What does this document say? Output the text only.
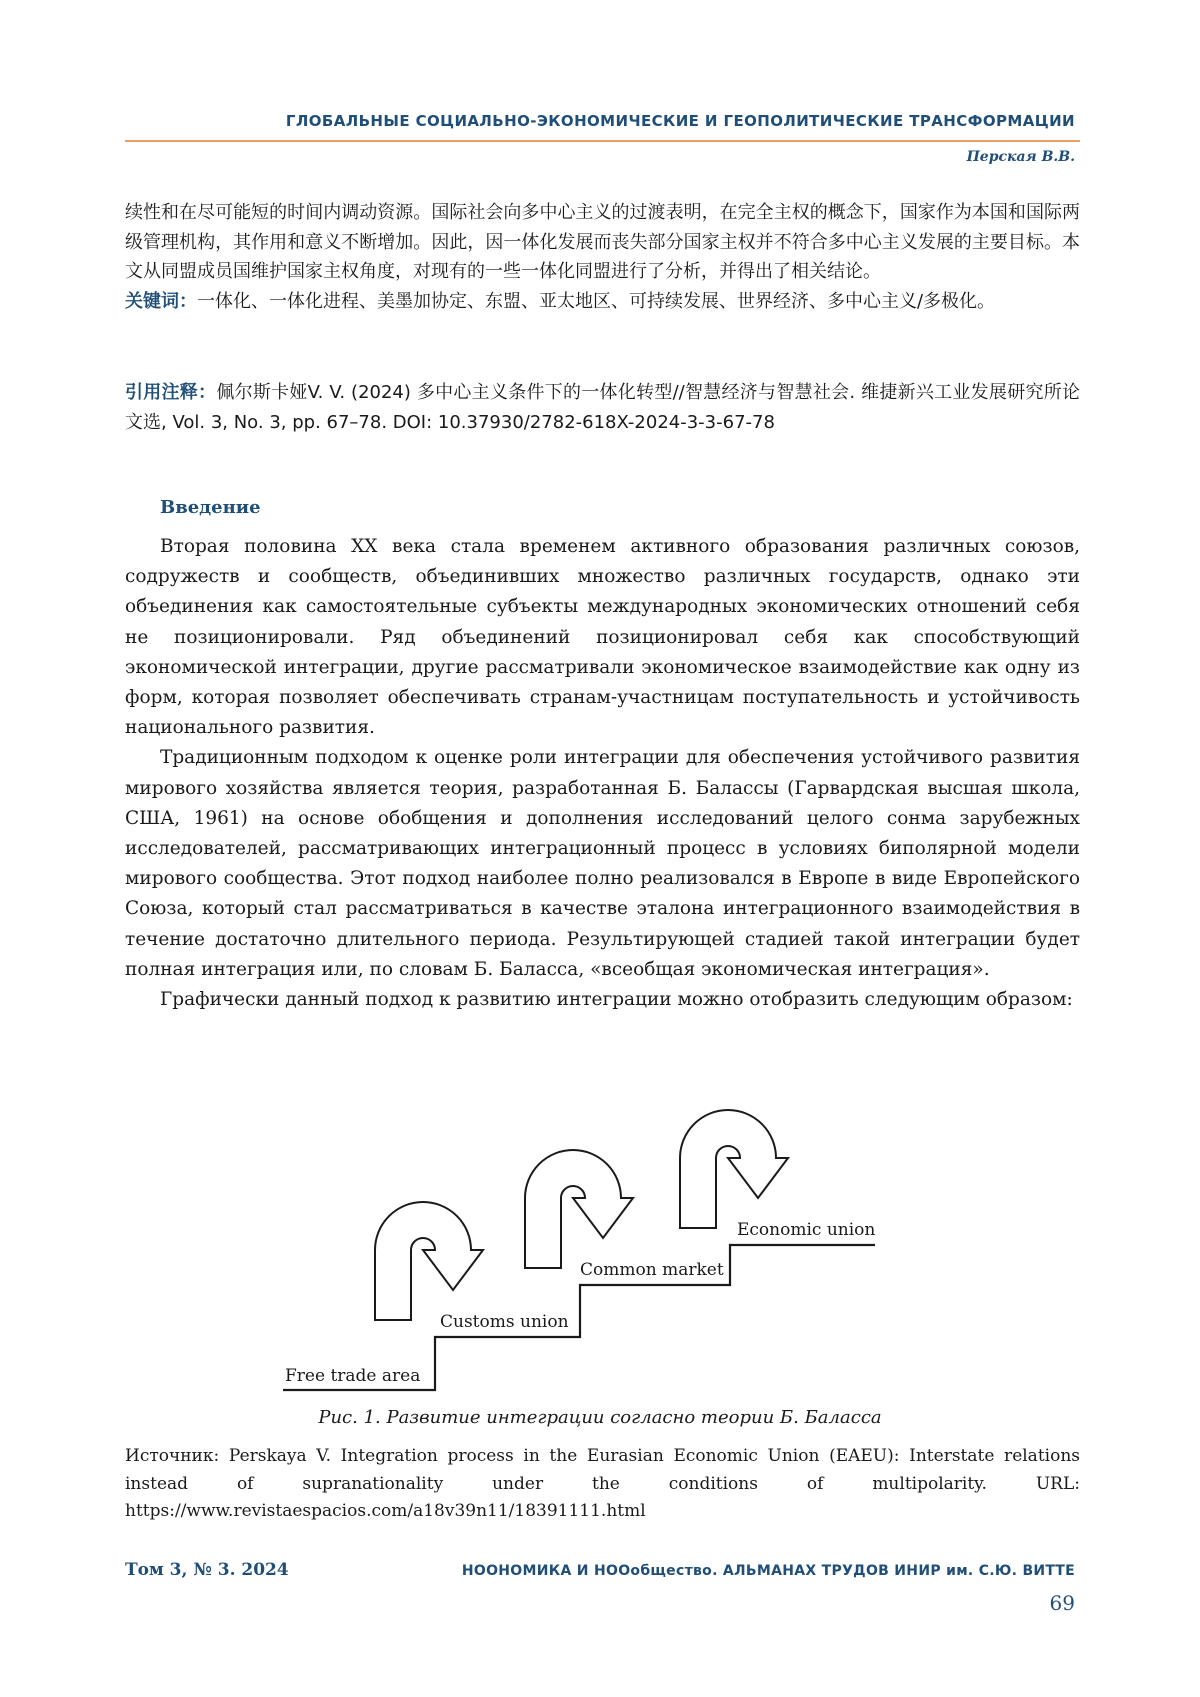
ГЛОБАЛЬНЫЕ СОЦИАЛЬНО-ЭКОНОМИЧЕСКИЕ И ГЕОПОЛИТИЧЕСКИЕ ТРАНСФОРМАЦИИ
Перская В.В.

续性和在尽可能短的时间内调动资源。国际社会向多中心主义的过渡表明，在完全主权的概念下，国家作为本国和国际两级管理机构，其作用和意义不断增加。因此，因一体化发展而丧失部分国家主权并不符合多中心主义发展的主要目标。本文从同盟成员国维护国家主权角度，对现有的一些一体化同盟进行了分析，并得出了相关结论。

关键词：一体化、一体化进程、美墨加协定、东盟、亚太地区、可持续发展、世界经济、多中心主义/多极化。

引用注释：佩尔斯卡娅V. V. (2024) 多中心主义条件下的一体化转型//智慧经济与智慧社会. 维捷新兴工业发展研究所论文选, Vol. 3, No. 3, pp. 67–78. DOI: 10.37930/2782-618X-2024-3-3-67-78

Введение

Вторая половина XX века стала временем активного образования различных союзов, содружеств и сообществ, объединивших множество различных государств, однако эти объединения как самостоятельные субъекты международных экономических отношений себя не позиционировали. Ряд объединений позиционировал себя как способствующий экономической интеграции, другие рассматривали экономическое взаимодействие как одну из форм, которая позволяет обеспечивать странам-участницам поступательность и устойчивость национального развития.

Традиционным подходом к оценке роли интеграции для обеспечения устойчивого развития мирового хозяйства является теория, разработанная Б. Балассы (Гарвардская высшая школа, США, 1961) на основе обобщения и дополнения исследований целого сонма зарубежных исследователей, рассматривающих интеграционный процесс в условиях биполярной модели мирового сообщества. Этот подход наиболее полно реализовался в Европе в виде Европейского Союза, который стал рассматриваться в качестве эталона интеграционного взаимодействия в течение достаточно длительного периода. Результирующей стадией такой интеграции будет полная интеграция или, по словам Б. Баласса, «всеобщая экономическая интеграция».

Графически данный подход к развитию интеграции можно отобразить следующим образом:

Free trade area
Customs union
Common market
Economic union
Рис. 1. Развитие интеграции согласно теории Б. Баласса
Источник: Perskaya V. Integration process in the Eurasian Economic Union (EAEU): Interstate relations instead of supranationality under the conditions of multipolarity. URL: https://www.revistaespacios.com/a18v39n11/18391111.html
Том 3, № 3. 2024	НООНОМИКА И НООобщество. АЛЬМАНАХ ТРУДОВ ИНИР им. С.Ю. ВИТТЕ
69
